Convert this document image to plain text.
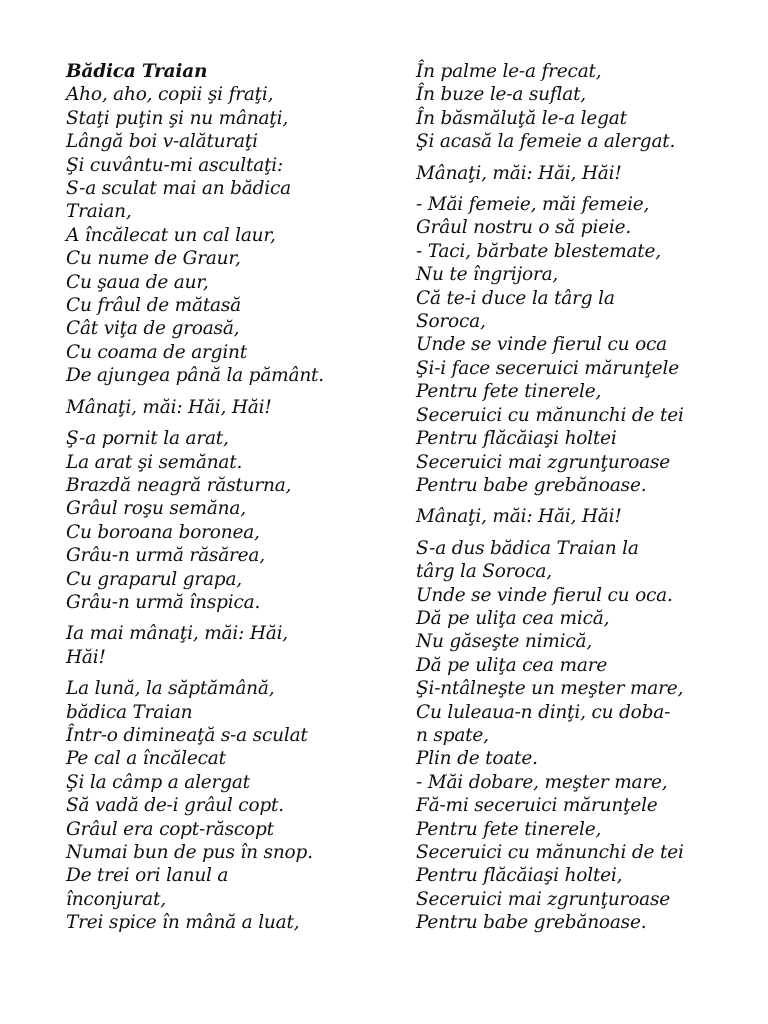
Bădica Traian
Aho, aho, copii şi fraţi,
Staţi puţin şi nu mânaţi,
Lângă boi v-alăturaţi
Şi cuvântu-mi ascultaţi:
S-a sculat mai an bădica
Traian,
A încălecat un cal laur,
Cu nume de Graur,
Cu şaua de aur,
Cu frâul de mătasă
Cât viţa de groasă,
Cu coama de argint
De ajungea până la pământ.
Mânaţi, măi: Hăi, Hăi!
Ş-a pornit la arat,
La arat şi semănat.
Brazdă neagră răsturna,
Grâul roşu semăna,
Cu boroana boronea,
Grâu-n urmă răsărea,
Cu graparul grapa,
Grâu-n urmă înspica.
Ia mai mânaţi, măi: Hăi,
Hăi!
La lună, la săptămână,
bădica Traian
Într-o dimineaţă s-a sculat
Pe cal a încălecat
Şi la câmp a alergat
Să vadă de-i grâul copt.
Grâul era copt-răscopt
Numai bun de pus în snop.
De trei ori lanul a
înconjurat,
Trei spice în mână a luat,
În palme le-a frecat,
În buze le-a suflat,
În băsmăluţă le-a legat
Şi acasă la femeie a alergat.
Mânaţi, măi: Hăi, Hăi!
- Măi femeie, măi femeie,
Grâul nostru o să pieie.
- Taci, bărbate blestemate,
Nu te îngrijora,
Că te-i duce la târg la
Soroca,
Unde se vinde fierul cu oca
Şi-i face seceruici mărunţele
Pentru fete tinerele,
Seceruici cu mănunchi de tei
Pentru flăcăiaşi holtei
Seceruici mai zgrunţuroase
Pentru babe grebănoase.
Mânaţi, măi: Hăi, Hăi!
S-a dus bădica Traian la
târg la Soroca,
Unde se vinde fierul cu oca.
Dă pe uliţa cea mică,
Nu găseşte nimică,
Dă pe uliţa cea mare
Şi-ntâlneşte un meşter mare,
Cu luleaua-n dinţi, cu doba-
n spate,
Plin de toate.
- Măi dobare, meşter mare,
Fă-mi seceruici mărunţele
Pentru fete tinerele,
Seceruici cu mănunchi de tei
Pentru flăcăiaşi holtei,
Seceruici mai zgrunţuroase
Pentru babe grebănoase.
